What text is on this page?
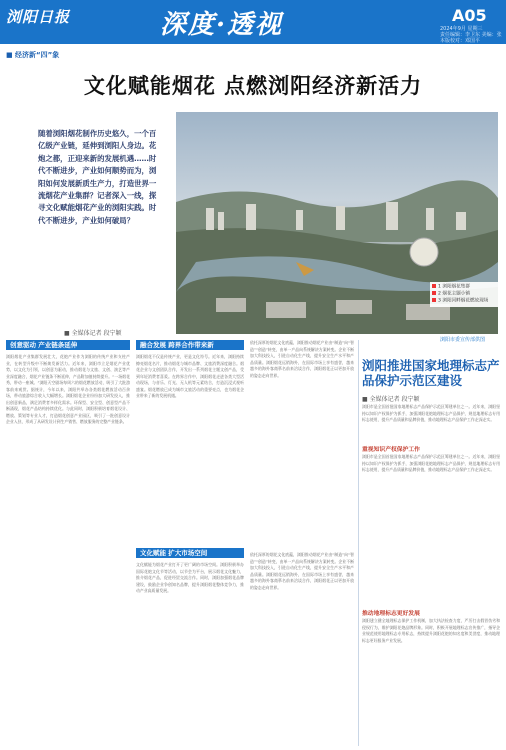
浏阳日报	深度·透视	A05
2024年9月 星期三
责任编辑：李卫东 美编：张
本版校对：邓国平
■ 经济新“四”象
文化赋能烟花 点燃浏阳经济新活力
随着浏阳烟花制作历史悠久，一个百亿级产业链，延伸到浏阳人身边。花炮之都，正迎来新的发展机遇……时代不断进步，产业如何顺势而为，浏阳如何发展新质生产力，打造世界一流烟花产业集群？记者深入一线，探寻文化赋能烟花产业的浏阳实践。时代不断进步，产业如何破局？
■ 全媒体记者 段宁颖
1 浏阳烟花集群
2 烟花主题小镇
3 浏阳河畔烟花燃放现场
浏阳市委宣传部供图
创意驱动 产业链条延伸
浏阳烟花产业集群发展壮大，花炮产业作为浏阳的传统产业和支柱产业，在转型升级中不断焕发新活力。近年来，浏阳市立足烟花产业优势，以文化为引领，以创意为驱动，推动烟花与文旅、文创、演艺等产业深度融合，烟花产业链条不断延伸，产品附加值持续提升。“一场烟花秀，带动一座城。”浏阳天空剧场每周六的烟花燃放活动，吸引了大批游客前来观赏。据统计，今年以来，浏阳共举办各类烟花燃放活动百余场，带动旅游综合收入大幅增长。浏阳烟花企业纷纷加大研发投入，推出创意新品，满足消费者多样化需求。环保型、安全型、创意型产品不断涌现，烟花产品结构持续优化。与此同时，浏阳积极培育烟花设计、燃放、策划等专业人才，打造烟花创意产业园区，吸引了一批创意设计企业入驻，形成了从研发设计到生产销售、燃放服务的完整产业链条。
融合发展 跨界合作带来新
浏阳烟花不仅是传统产业，更是文化符号。近年来，浏阳持续擦亮烟花名片，推动烟花与城市品牌、文旅消费深度融合。烟花企业与文创团队合作，开发出一系列烟花主题文创产品，受到年轻消费者喜爱。在跨界合作中，浏阳烟花走进各类大型活动现场，与音乐、灯光、无人机等元素结合，打造沉浸式视听盛宴。烟花燃放已成为城市文旅活动的重要亮点，也为烟花企业带来了新的发展机遇。
依托深厚的烟花文化底蕴，浏阳推动烟花产业由“制造”向“智造”“创造”转变，由单一产品向系统解决方案转变。企业不断加大科技投入，引进自动化生产线，提升安全生产水平和产品质量。浏阳烟花远销海外，在国际市场上享有盛誉，越来越多的海外客商慕名前来洽谈合作，浏阳烟花正以更加开放的姿态走向世界。
文化赋能 扩大市场空间
文化赋能为烟花产业打开了更广阔的市场空间。浏阳积极举办国际花炮文化节等活动，以节会为平台，展示烟花文化魅力，推介烟花产品，促进经贸交流合作。同时，浏阳加强烟花品牌建设，鼓励企业争创知名品牌，提升浏阳烟花整体竞争力，推动产业高质量发展。
依托深厚的烟花文化底蕴，浏阳推动烟花产业由“制造”向“智造”“创造”转变，由单一产品向系统解决方案转变。企业不断加大科技投入，引进自动化生产线，提升安全生产水平和产品质量。浏阳烟花远销海外，在国际市场上享有盛誉，越来越多的海外客商慕名前来洽谈合作，浏阳烟花正以更加开放的姿态走向世界。
浏阳推进国家地理标志产品保护示范区建设
■ 全媒体记者 段宁颖
浏阳市是全国首批国家地理标志产品保护示范区筹建单位之一。近年来，浏阳坚持以知识产权保护为抓手，加强浏阳花炮地理标志产品保护，规范地理标志专用标志使用，提升产品质量和品牌价值，推动地理标志产品保护工作走深走实。
重视知识产权保护工作
浏阳市是全国首批国家地理标志产品保护示范区筹建单位之一。近年来，浏阳坚持以知识产权保护为抓手，加强浏阳花炮地理标志产品保护，规范地理标志专用标志使用，提升产品质量和品牌价值，推动地理标志产品保护工作走深走实。
推动地理标志更好发展
浏阳建立健全地理标志保护工作机制，加大执法检查力度，严厉打击假冒伪劣和侵权行为，维护浏阳花炮品牌形象。同时，积极开展地理标志宣传推广，指导企业规范使用地理标志专用标志，持续提升浏阳花炮的知名度和美誉度，推动地理标志更好服务产业发展。
